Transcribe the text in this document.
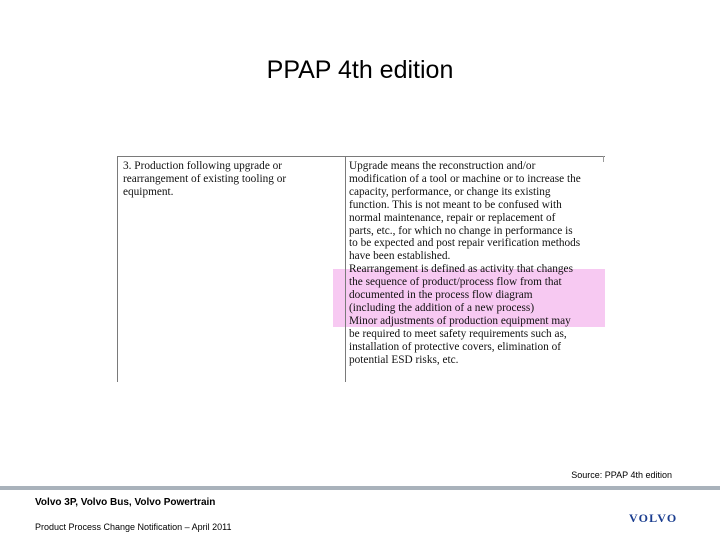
PPAP 4th edition
3. Production following upgrade or
rearrangement of existing tooling or
equipment.
Upgrade means the reconstruction and/or
modification of a tool or machine or to increase the
capacity, performance, or change its existing
function. This is not meant to be confused with
normal maintenance, repair or replacement of
parts, etc., for which no change in performance is
to be expected and post repair verification methods
have been established.
Rearrangement is defined as activity that changes
the sequence of product/process flow from that
documented in the process flow diagram
(including the addition of a new process)
Minor adjustments of production equipment may
be required to meet safety requirements such as,
installation of protective covers, elimination of
potential ESD risks, etc.
Source: PPAP 4th edition
Volvo 3P, Volvo Bus, Volvo Powertrain
Product Process Change Notification – April 2011
VOLVO
